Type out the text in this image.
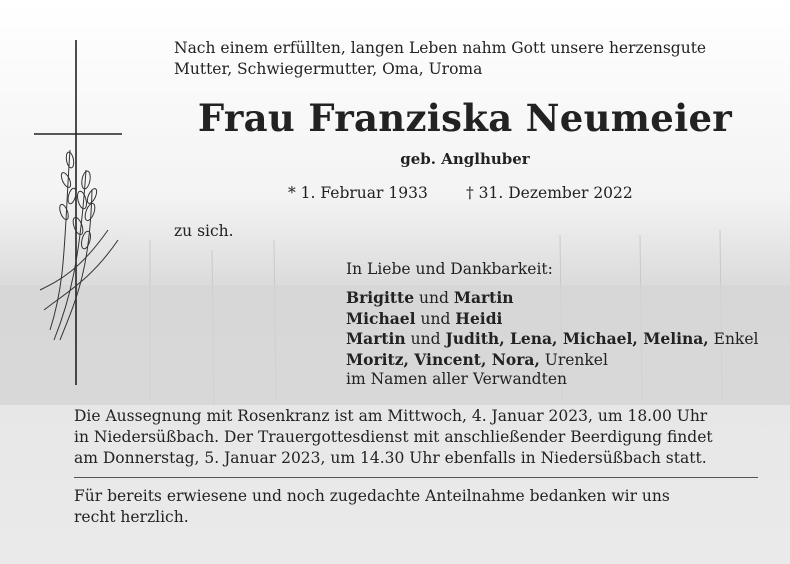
Nach einem erfüllten, langen Leben nahm Gott unsere herzensgute
Mutter, Schwiegermutter, Oma, Uroma
Frau Franziska Neumeier
geb. Anglhuber
* 1. Februar 1933 † 31. Dezember 2022
zu sich.
In Liebe und Dankbarkeit:
Brigitte und Martin
Michael und Heidi
Martin und Judith, Lena, Michael, Melina, Enkel
Moritz, Vincent, Nora, Urenkel
im Namen aller Verwandten
Die Aussegnung mit Rosenkranz ist am Mittwoch, 4. Januar 2023, um 18.00 Uhr
in Niedersüßbach. Der Trauergottesdienst mit anschließender Beerdigung findet
am Donnerstag, 5. Januar 2023, um 14.30 Uhr ebenfalls in Niedersüßbach statt.
Für bereits erwiesene und noch zugedachte Anteilnahme bedanken wir uns
recht herzlich.
